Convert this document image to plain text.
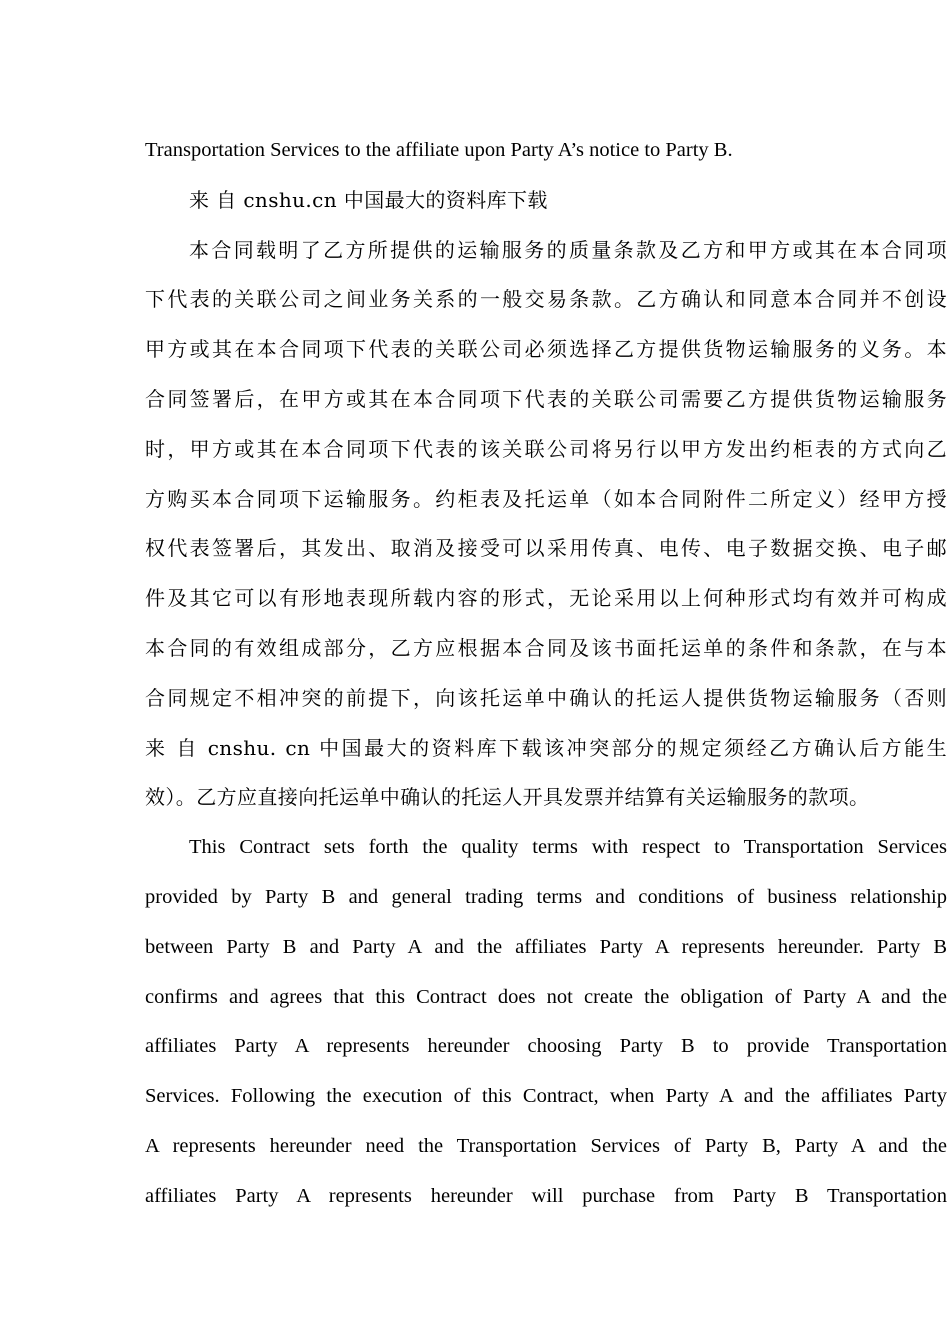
Transportation Services to the affiliate upon Party A’s notice to Party B.
来 自 cnshu.cn 中国最大的资料库下载
本合同载明了乙方所提供的运输服务的质量条款及乙方和甲方或其在本合同项
下代表的关联公司之间业务关系的一般交易条款。乙方确认和同意本合同并不创设
甲方或其在本合同项下代表的关联公司必须选择乙方提供货物运输服务的义务。本
合同签署后，在甲方或其在本合同项下代表的关联公司需要乙方提供货物运输服务
时，甲方或其在本合同项下代表的该关联公司将另行以甲方发出约柜表的方式向乙
方购买本合同项下运输服务。约柜表及托运单（如本合同附件二所定义）经甲方授
权代表签署后，其发出、取消及接受可以采用传真、电传、电子数据交换、电子邮
件及其它可以有形地表现所载内容的形式，无论采用以上何种形式均有效并可构成
本合同的有效组成部分，乙方应根据本合同及该书面托运单的条件和条款，在与本
合同规定不相冲突的前提下，向该托运单中确认的托运人提供货物运输服务（否则
来 自 cnshu. cn 中国最大的资料库下载该冲突部分的规定须经乙方确认后方能生
效）。乙方应直接向托运单中确认的托运人开具发票并结算有关运输服务的款项。
This Contract sets forth the quality terms with respect to Transportation Services
provided by Party B and general trading terms and conditions of business relationship
between Party B and Party A and the affiliates Party A represents hereunder. Party B
confirms and agrees that this Contract does not create the obligation of Party A and the
affiliates Party A represents hereunder choosing Party B to provide Transportation
Services. Following the execution of this Contract, when Party A and the affiliates Party
A represents hereunder need the Transportation Services of Party B, Party A and the
affiliates Party A represents hereunder will purchase from Party B Transportation
